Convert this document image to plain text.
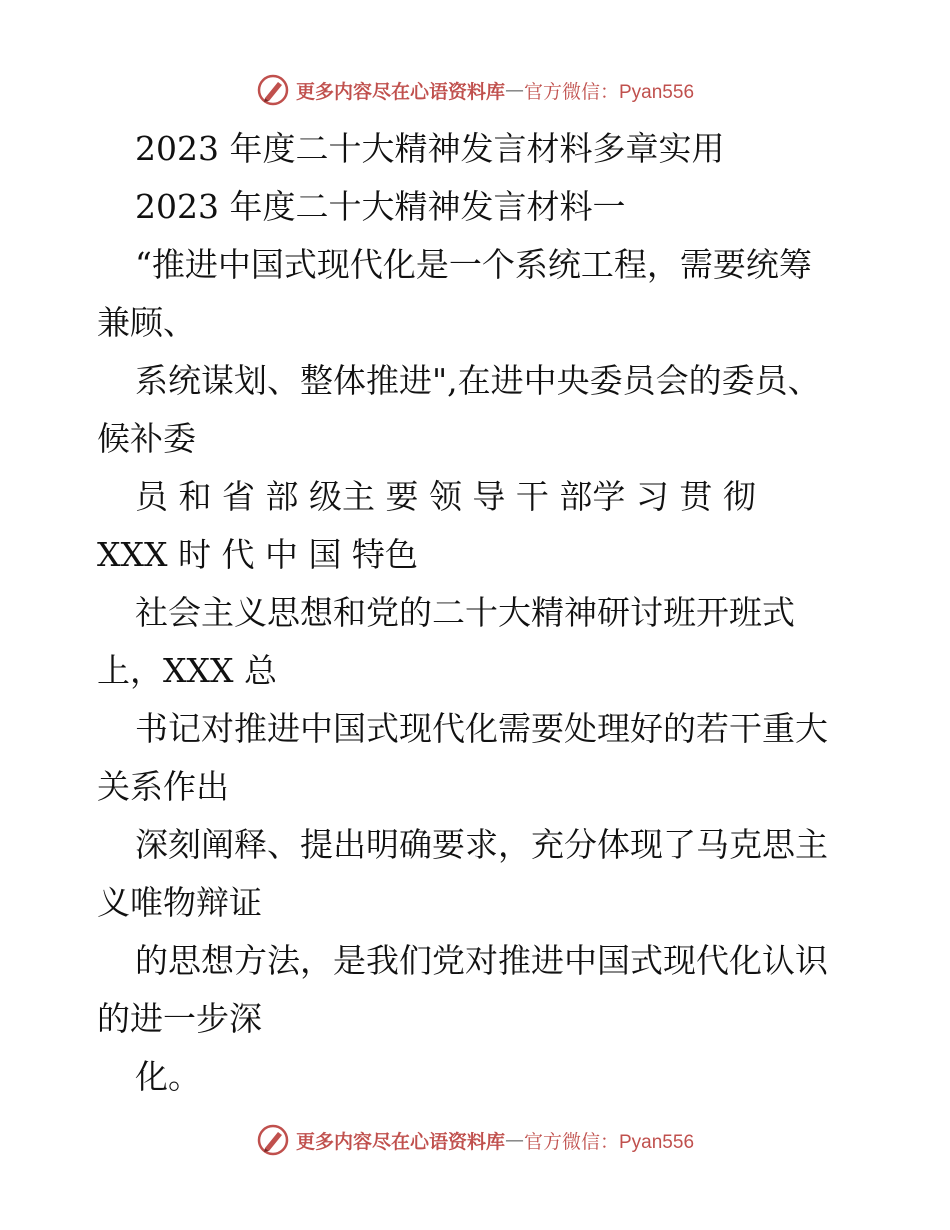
更多内容尽在心语资料库 — 官方微信：Pyan556
2023 年度二十大精神发言材料多章实用
2023 年度二十大精神发言材料一
“推进中国式现代化是一个系统工程，需要统筹
兼顾、
系统谋划、整体推进",在进中央委员会的委员、
候补委
员 和 省 部 级主 要 领 导 干 部学 习 贯 彻
XXX 时 代 中 国 特色
社会主义思想和党的二十大精神研讨班开班式
上，XXX 总
书记对推进中国式现代化需要处理好的若干重大
关系作出
深刻阐释、提出明确要求，充分体现了马克思主
义唯物辩证
的思想方法，是我们党对推进中国式现代化认识
的进一步深
化。
更多内容尽在心语资料库 — 官方微信：Pyan556
